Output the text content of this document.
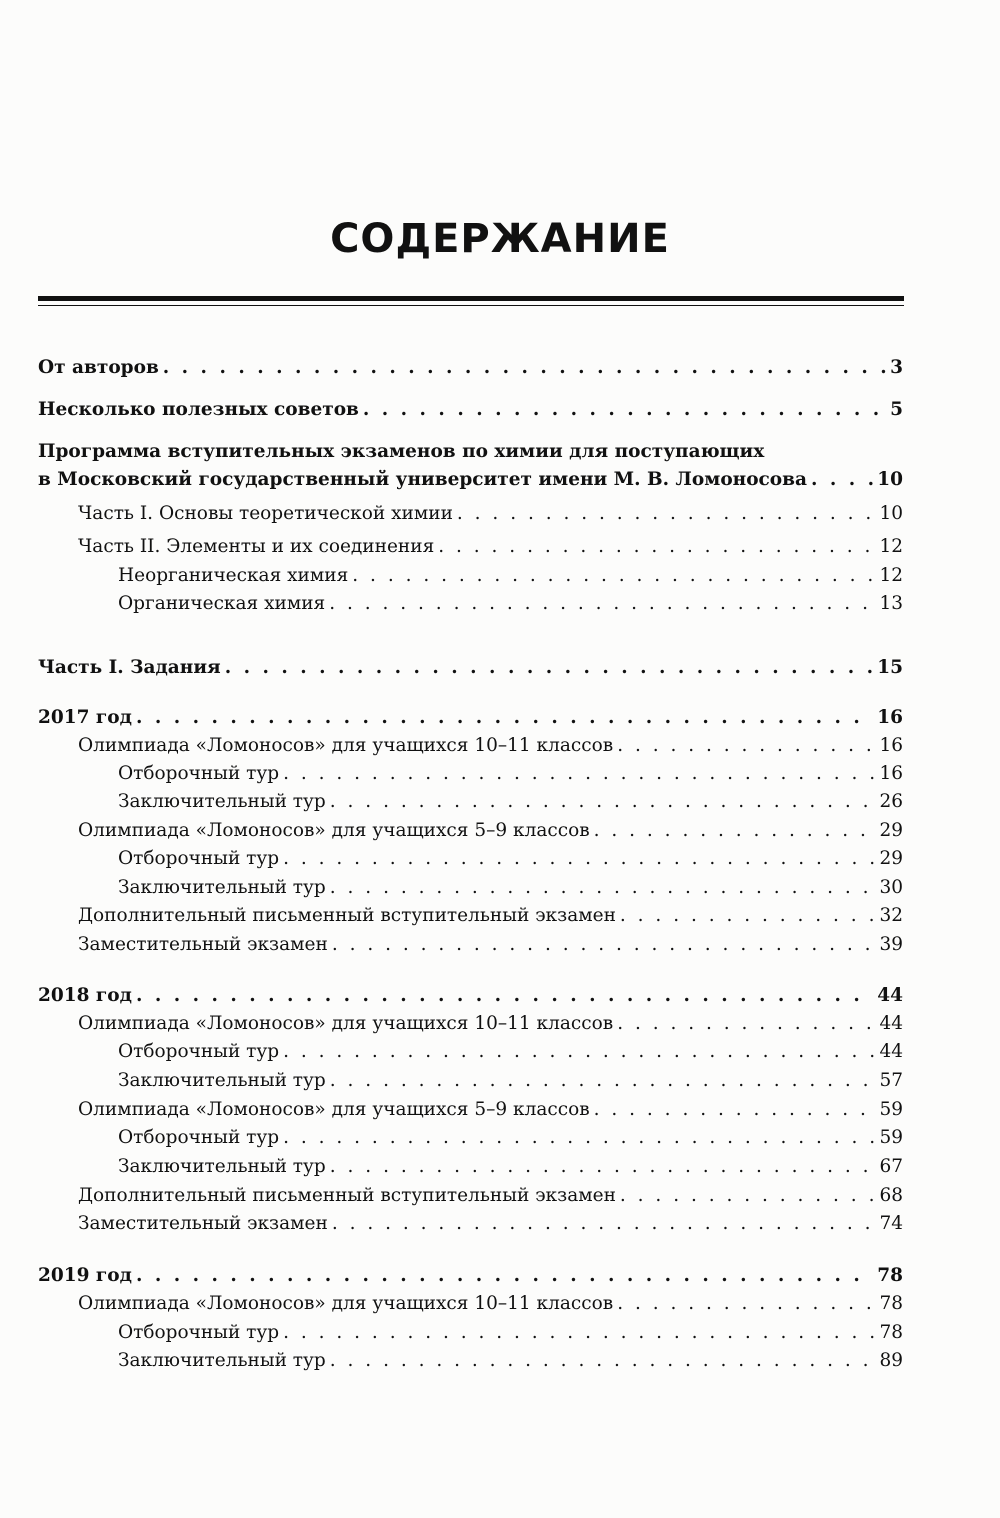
СОДЕРЖАНИЕ
От авторов . . .	3
Несколько полезных советов . . .	5
Программа вступительных экзаменов по химии для поступающих
в Московский государственный университет имени М. В. Ломоносова . . .	10
Часть I. Основы теоретической химии . . .	10
Часть II. Элементы и их соединения . . .	12
Неорганическая химия . . .	12
Органическая химия . . .	13
Часть I. Задания . . .	15
2017 год . . .	16
Олимпиада «Ломоносов» для учащихся 10–11 классов . . .	16
Отборочный тур . . .	16
Заключительный тур . . .	26
Олимпиада «Ломоносов» для учащихся 5–9 классов . . .	29
Отборочный тур . . .	29
Заключительный тур . . .	30
Дополнительный письменный вступительный экзамен . . .	32
Заместительный экзамен . . .	39
2018 год . . .	44
Олимпиада «Ломоносов» для учащихся 10–11 классов . . .	44
Отборочный тур . . .	44
Заключительный тур . . .	57
Олимпиада «Ломоносов» для учащихся 5–9 классов . . .	59
Отборочный тур . . .	59
Заключительный тур . . .	67
Дополнительный письменный вступительный экзамен . . .	68
Заместительный экзамен . . .	74
2019 год . . .	78
Олимпиада «Ломоносов» для учащихся 10–11 классов . . .	78
Отборочный тур . . .	78
Заключительный тур . . .	89
